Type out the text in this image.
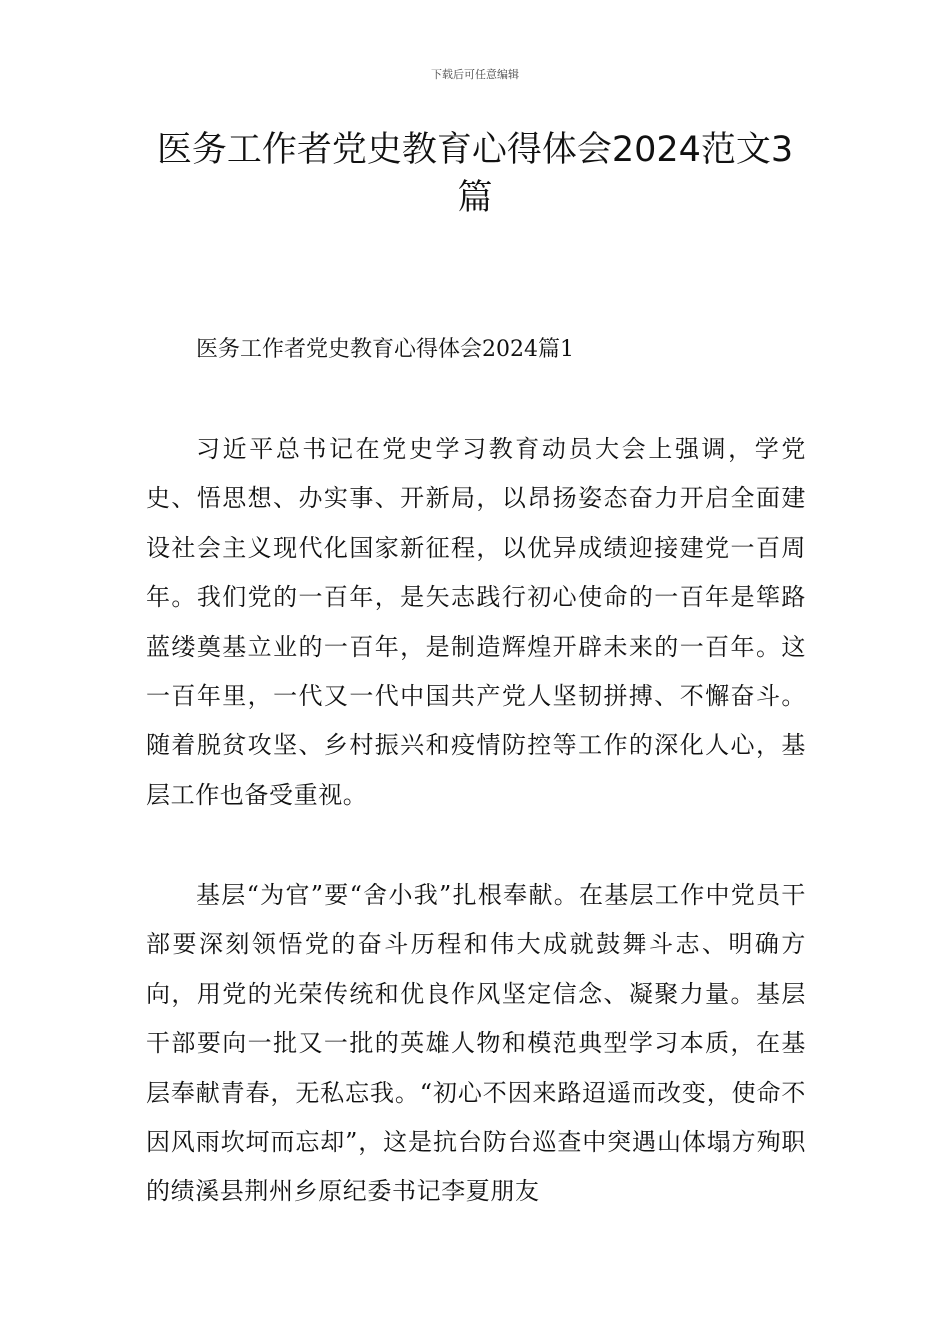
下载后可任意编辑
医务工作者党史教育心得体会2024范文3篇
医务工作者党史教育心得体会2024篇1

习近平总书记在党史学习教育动员大会上强调，学党史、悟思想、办实事、开新局，以昂扬姿态奋力开启全面建设社会主义现代化国家新征程，以优异成绩迎接建党一百周年。我们党的一百年，是矢志践行初心使命的一百年是筚路蓝缕奠基立业的一百年，是制造辉煌开辟未来的一百年。这一百年里，一代又一代中国共产党人坚韧拼搏、不懈奋斗。随着脱贫攻坚、乡村振兴和疫情防控等工作的深化人心，基层工作也备受重视。

基层“为官”要“舍小我”扎根奉献。在基层工作中党员干部要深刻领悟党的奋斗历程和伟大成就鼓舞斗志、明确方向，用党的光荣传统和优良作风坚定信念、凝聚力量。基层干部要向一批又一批的英雄人物和模范典型学习本质，在基层奉献青春，无私忘我。“初心不因来路迢遥而改变，使命不因风雨坎坷而忘却”，这是抗台防台巡查中突遇山体塌方殉职的绩溪县荆州乡原纪委书记李夏朋友
